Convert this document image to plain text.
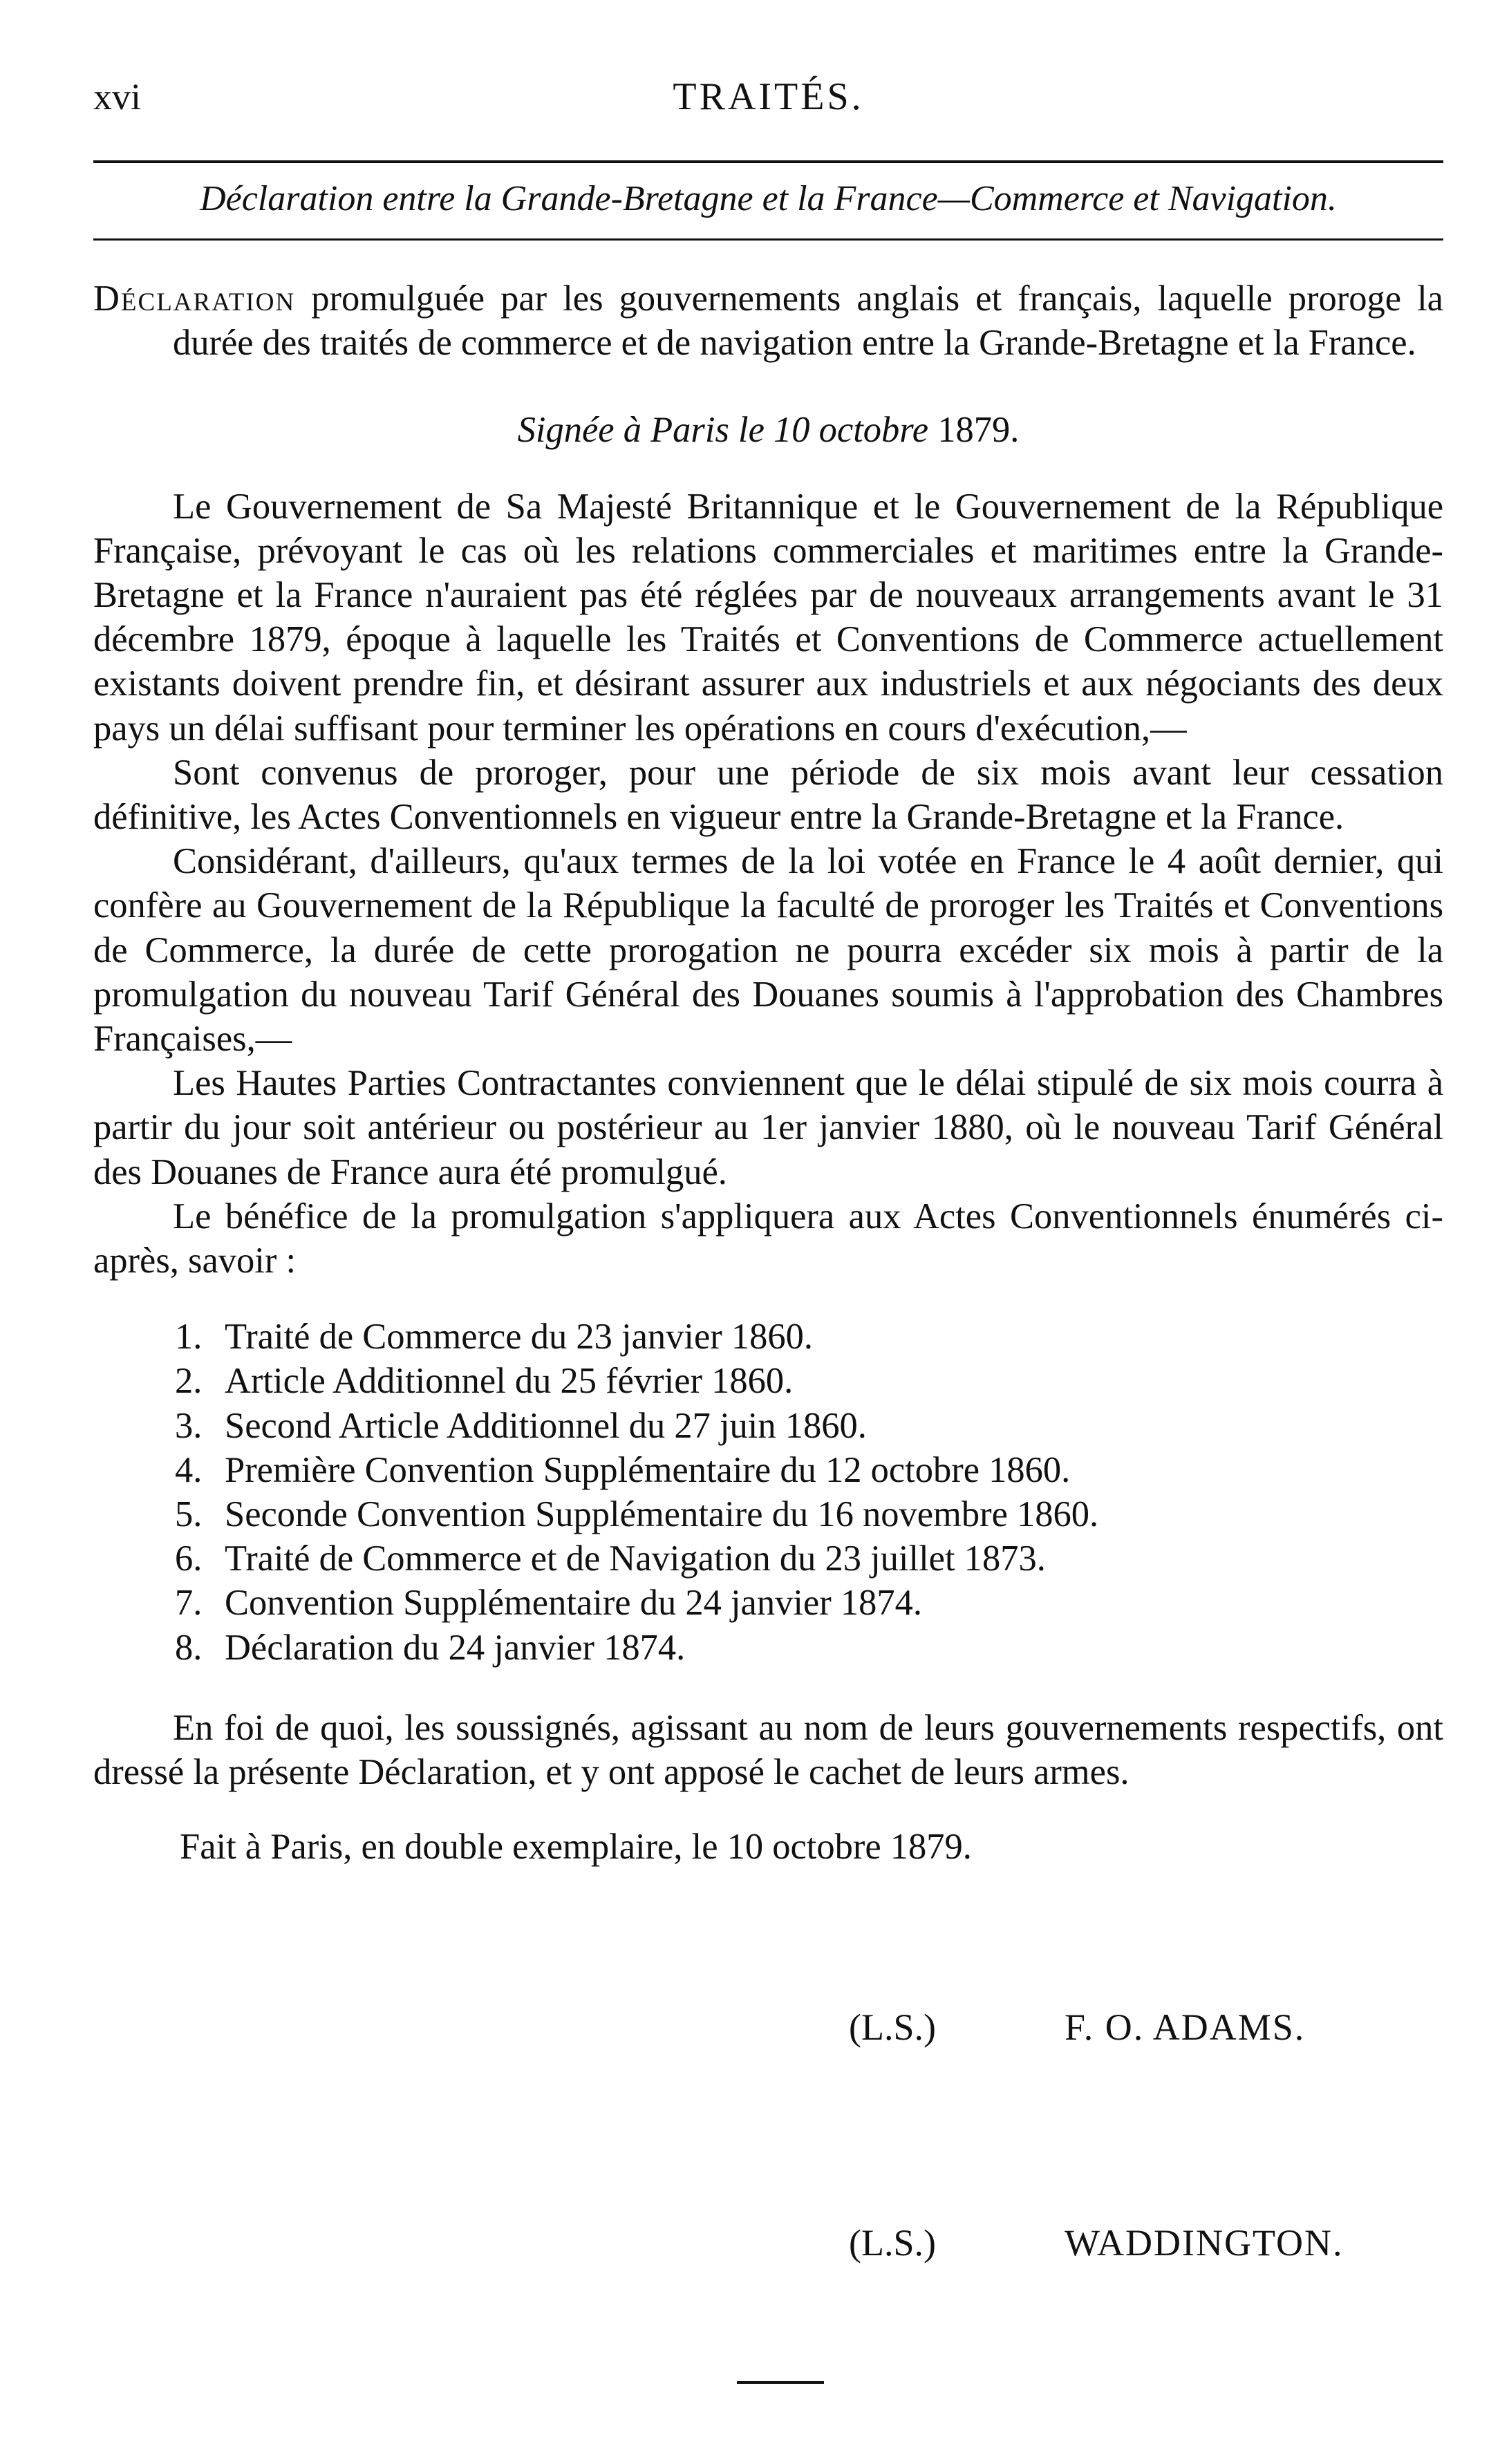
xvi	TRAITÉS.
Déclaration entre la Grande-Bretagne et la France—Commerce et Navigation.

Déclaration promulguée par les gouvernements anglais et français, laquelle proroge la durée des traités de commerce et de navigation entre la Grande-Bretagne et la France.

Signée à Paris le 10 octobre 1879.

Le Gouvernement de Sa Majesté Britannique et le Gouvernement de la République Française, prévoyant le cas où les relations commerciales et maritimes entre la Grande-Bretagne et la France n'auraient pas été réglées par de nouveaux arrangements avant le 31 décembre 1879, époque à laquelle les Traités et Conventions de Commerce actuellement existants doivent prendre fin, et désirant assurer aux industriels et aux négociants des deux pays un délai suffisant pour terminer les opérations en cours d'exécution,—

Sont convenus de proroger, pour une période de six mois avant leur cessation définitive, les Actes Conventionnels en vigueur entre la Grande-Bretagne et la France.

Considérant, d'ailleurs, qu'aux termes de la loi votée en France le 4 août dernier, qui confère au Gouvernement de la République la faculté de proroger les Traités et Conventions de Commerce, la durée de cette prorogation ne pourra excéder six mois à partir de la promulgation du nouveau Tarif Général des Douanes soumis à l'approbation des Chambres Françaises,—

Les Hautes Parties Contractantes conviennent que le délai stipulé de six mois courra à partir du jour soit antérieur ou postérieur au 1er janvier 1880, où le nouveau Tarif Général des Douanes de France aura été promulgué.

Le bénéfice de la promulgation s'appliquera aux Actes Conventionnels énumérés ci-après, savoir :

1. Traité de Commerce du 23 janvier 1860.
2. Article Additionnel du 25 février 1860.
3. Second Article Additionnel du 27 juin 1860.
4. Première Convention Supplémentaire du 12 octobre 1860.
5. Seconde Convention Supplémentaire du 16 novembre 1860.
6. Traité de Commerce et de Navigation du 23 juillet 1873.
7. Convention Supplémentaire du 24 janvier 1874.
8. Déclaration du 24 janvier 1874.

En foi de quoi, les soussignés, agissant au nom de leurs gouvernements respectifs, ont dressé la présente Déclaration, et y ont apposé le cachet de leurs armes.

Fait à Paris, en double exemplaire, le 10 octobre 1879.

(L.S.)	F. O. ADAMS.
(L.S.)	WADDINGTON.
